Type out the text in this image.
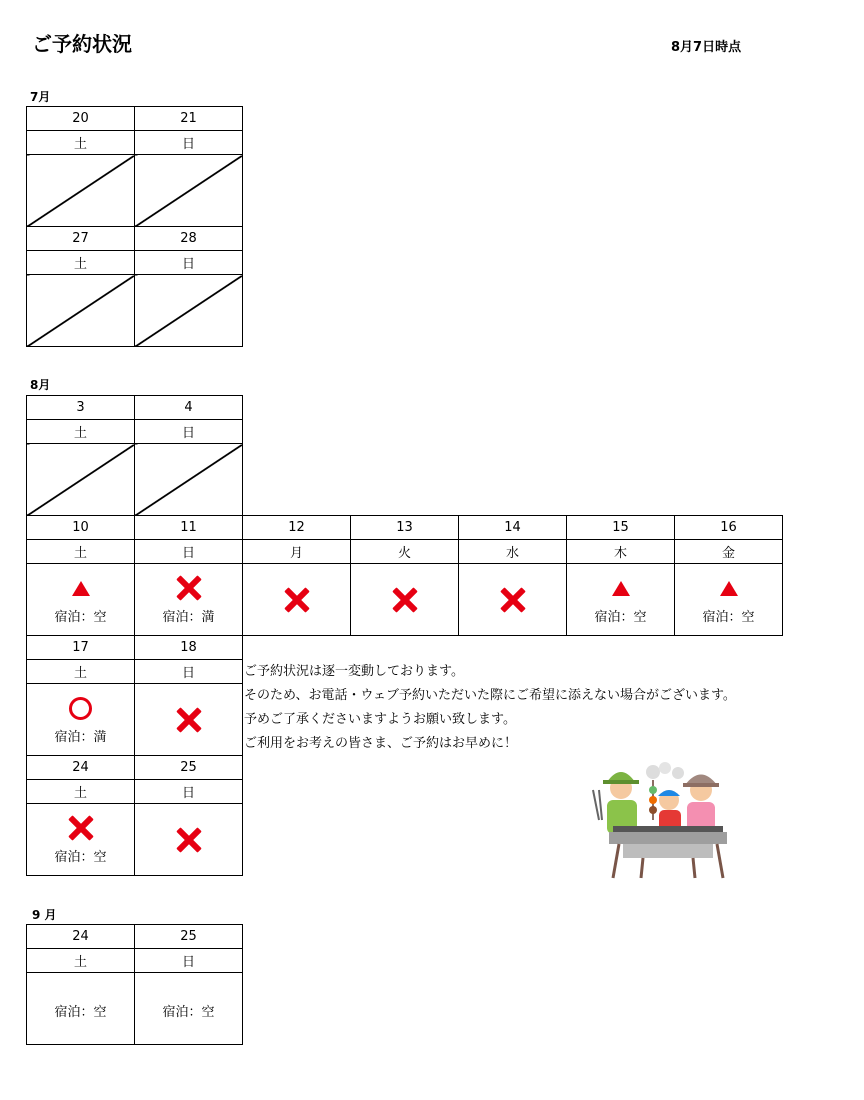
ご予約状況	8月7日時点
7月
20	21
土	日

27	28
土	日

8月
3	4					
土	日					

10	11	12	13	14	15	16
土	日	月	火	水	木	金

宿泊：空	宿泊：満				宿泊：空	宿泊：空

17	18					
土	日					

宿泊：満						

24	25					
土	日					

宿泊：空						

ご予約状況は逐一変動しております。

そのため、お電話・ウェブ予約いただいた際にご希望に添えない場合がございます。

予めご了承くださいますようお願い致します。

ご利用をお考えの皆さま、ご予約はお早めに！

9 月
24	25
土	日

宿泊：空	宿泊：空
